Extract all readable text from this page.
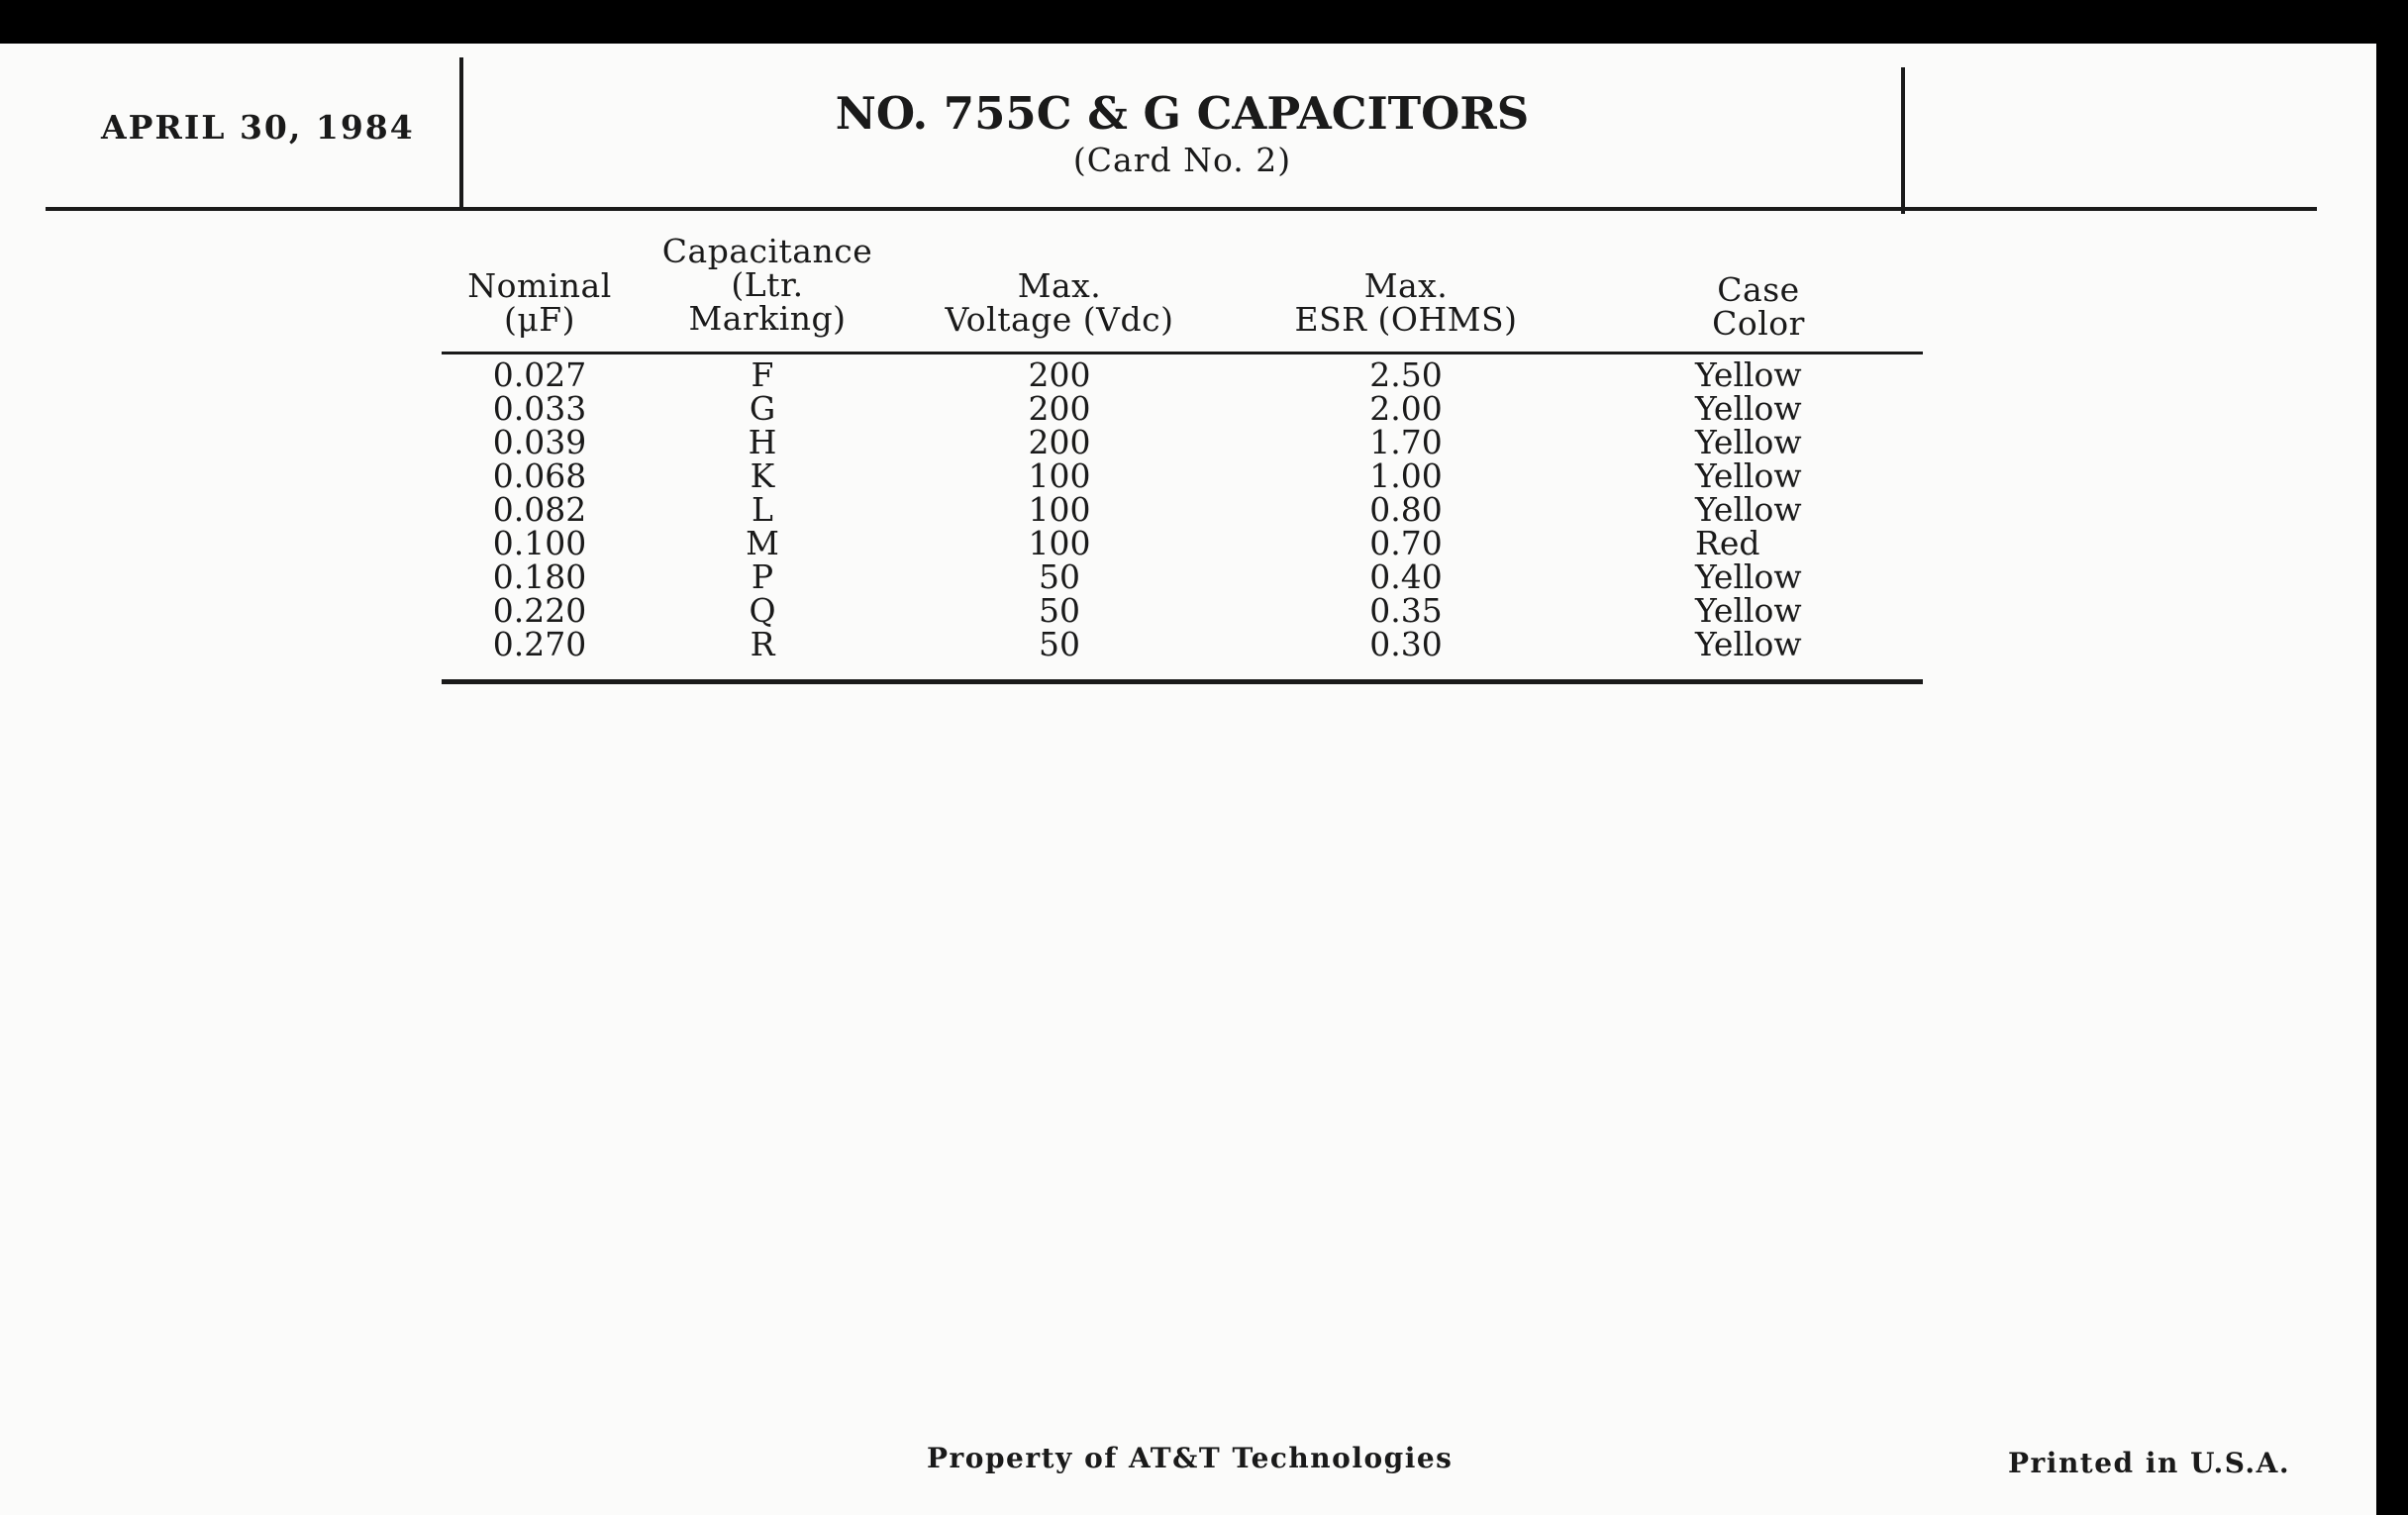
APRIL 30, 1984	NO. 755C & G CAPACITORS
(Card No. 2)
Nominal
(μF)
Capacitance
(Ltr.
Marking)
Max.
Voltage (Vdc)
Max.
ESR (OHMS)
Case
Color
0.027
0.033
0.039
0.068
0.082
0.100
0.180
0.220
0.270
F
G
H
K
L
M
P
Q
R
200
200
200
100
100
100
50
50
50
2.50
2.00
1.70
1.00
0.80
0.70
0.40
0.35
0.30
Yellow
Yellow
Yellow
Yellow
Yellow
Red
Yellow
Yellow
Yellow
Property of AT&T Technologies	Printed in U.S.A.
